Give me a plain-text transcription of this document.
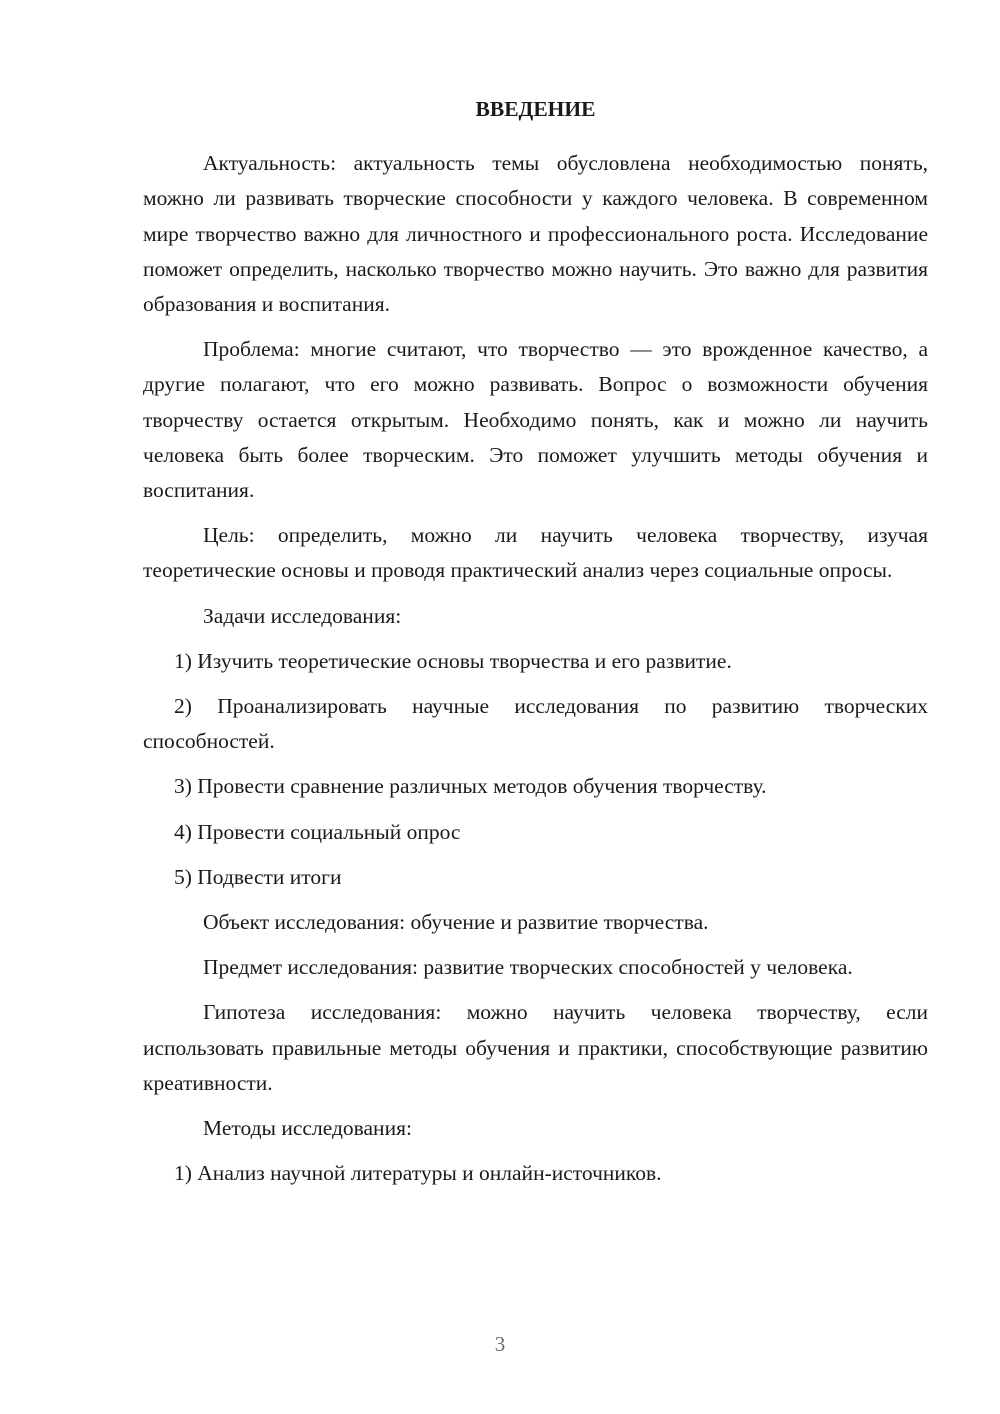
ВВЕДЕНИЕ

Актуальность: актуальность темы обусловлена необходимостью понять, можно ли развивать творческие способности у каждого человека. В современном мире творчество важно для личностного и профессионального роста. Исследование поможет определить, насколько творчество можно научить. Это важно для развития образования и воспитания.

Проблема: многие считают, что творчество — это врожденное качество, а другие полагают, что его можно развивать. Вопрос о возможности обучения творчеству остается открытым. Необходимо понять, как и можно ли научить человека быть более творческим. Это поможет улучшить методы обучения и воспитания.

Цель: определить, можно ли научить человека творчеству, изучая теоретические основы и проводя практический анализ через социальные опросы.

Задачи исследования:

1) Изучить теоретические основы творчества и его развитие.

2) Проанализировать научные исследования по развитию творческих способностей.

3) Провести сравнение различных методов обучения творчеству.

4) Провести социальный опрос

5) Подвести итоги

Объект исследования: обучение и развитие творчества.

Предмет исследования: развитие творческих способностей у человека.

Гипотеза исследования: можно научить человека творчеству, если использовать правильные методы обучения и практики, способствующие развитию креативности.

Методы исследования:

1) Анализ научной литературы и онлайн-источников.

3
